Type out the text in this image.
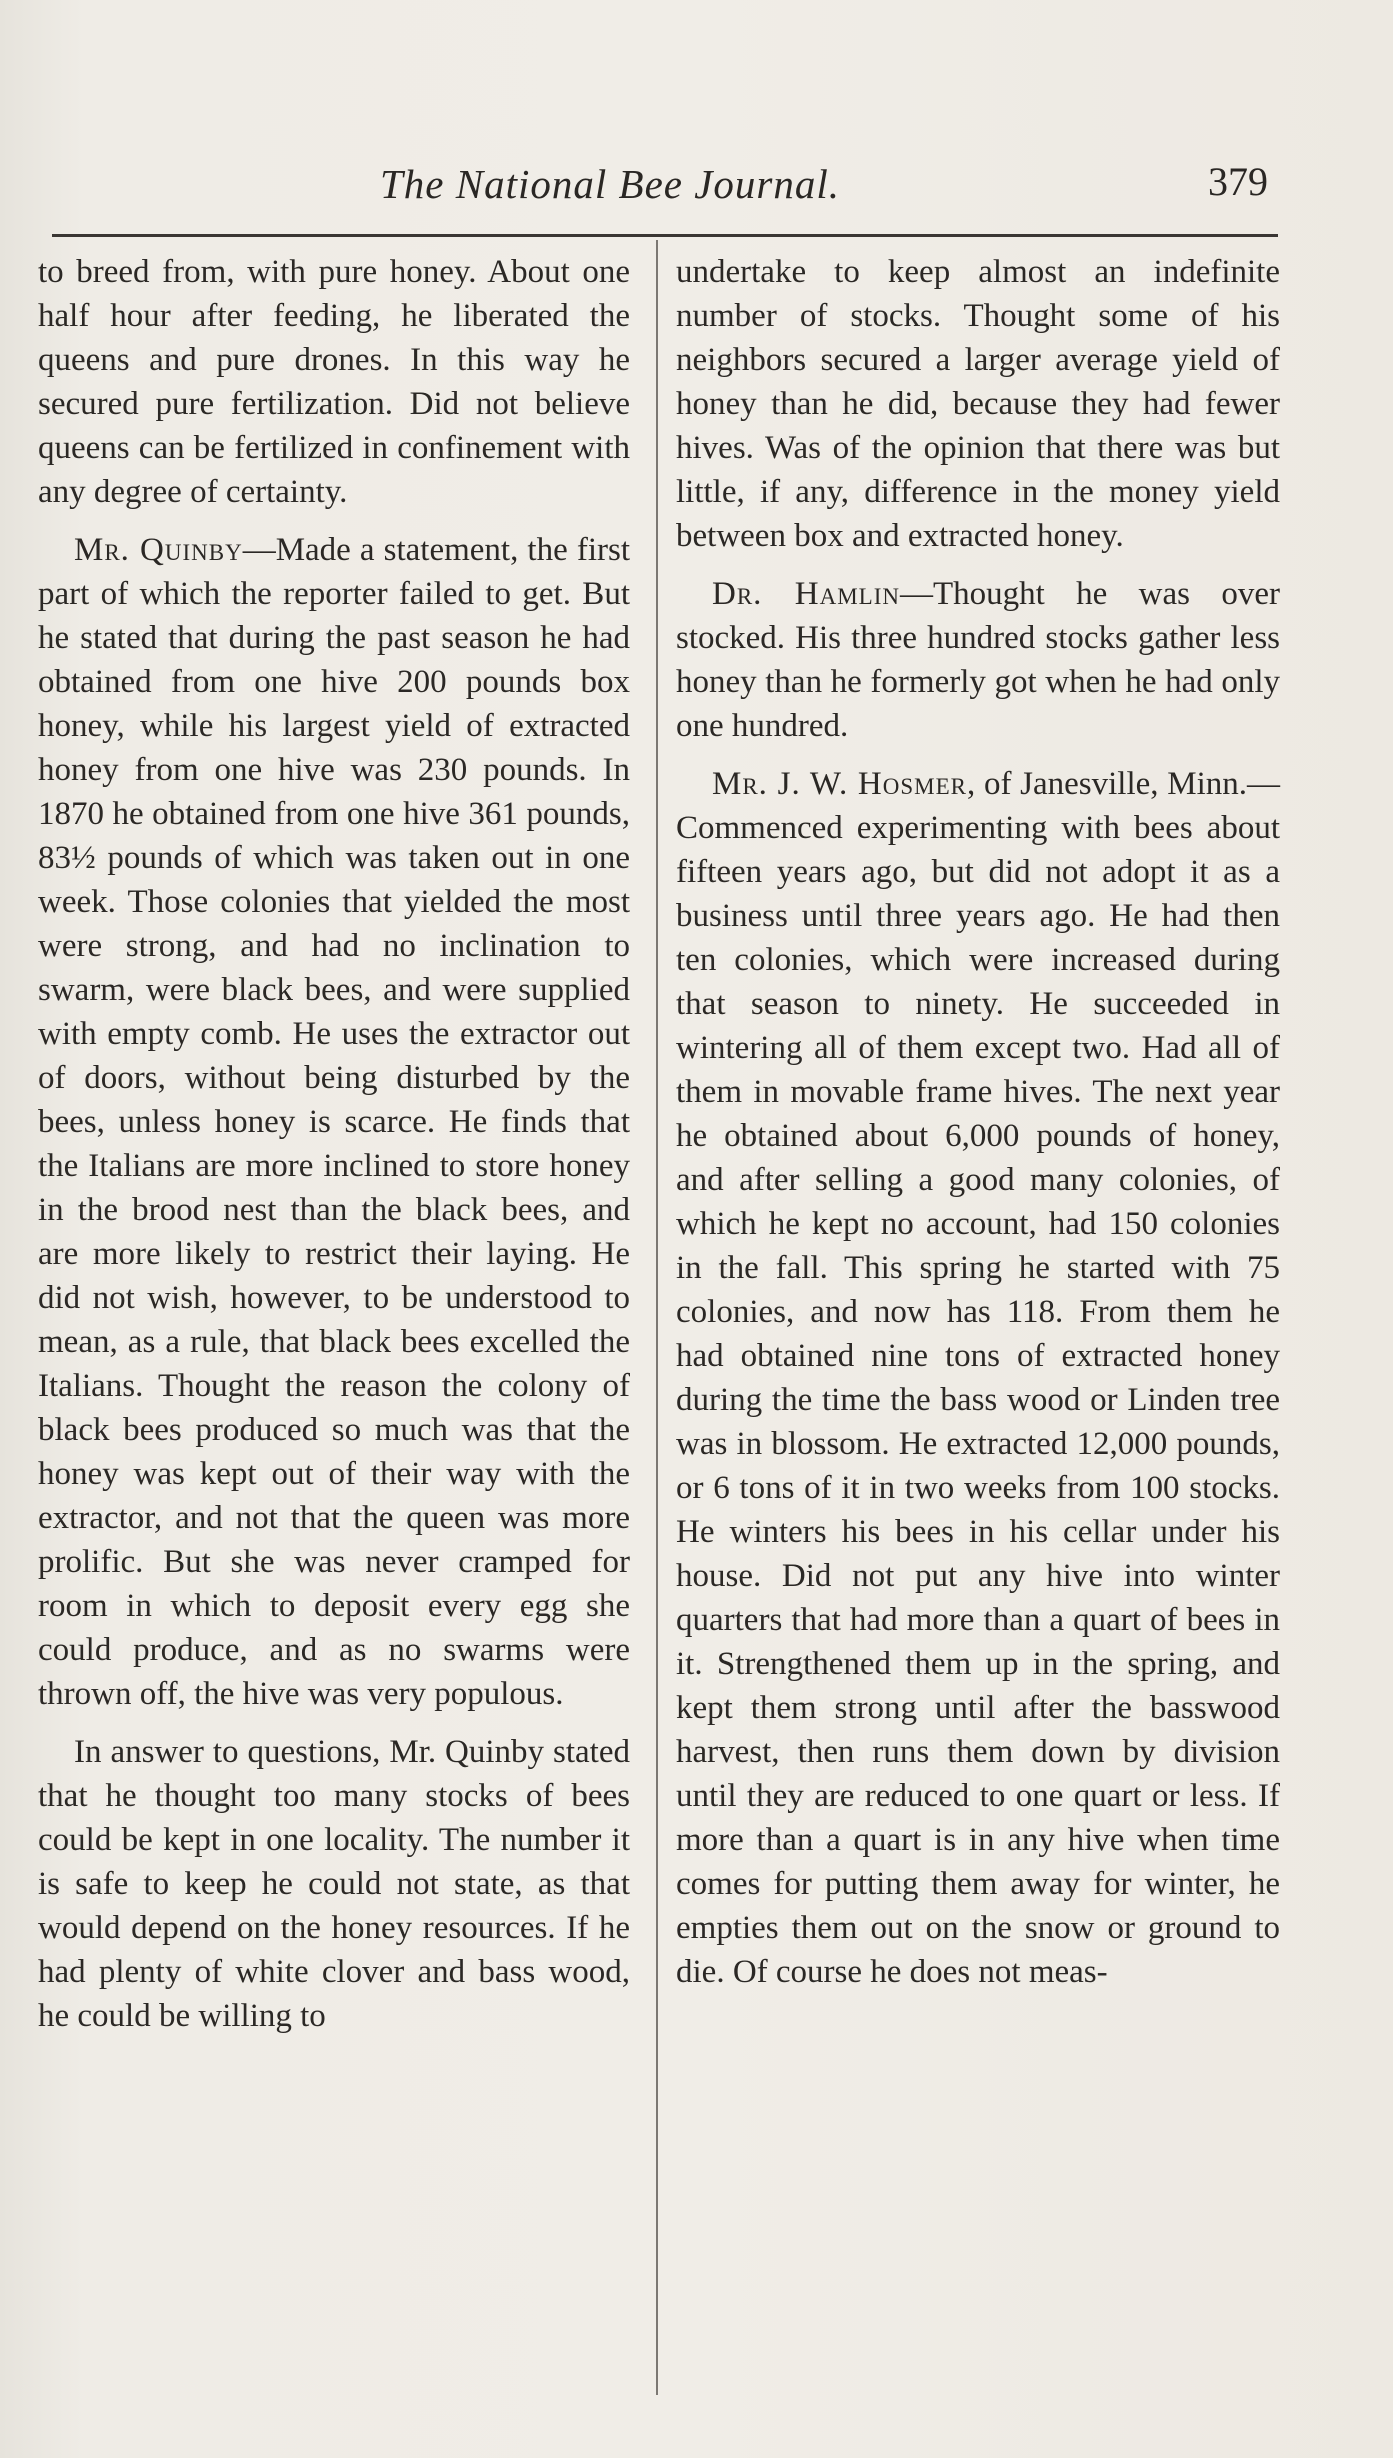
The National Bee Journal.	379

to breed from, with pure honey. About one half hour after feeding, he liberated the queens and pure drones. In this way he secured pure fertilization. Did not believe queens can be fertilized in confinement with any degree of certainty.

Mr. Quinby—Made a statement, the first part of which the reporter failed to get. But he stated that during the past season he had obtained from one hive 200 pounds box honey, while his largest yield of extracted honey from one hive was 230 pounds. In 1870 he obtained from one hive 361 pounds, 83½ pounds of which was taken out in one week. Those colonies that yielded the most were strong, and had no inclination to swarm, were black bees, and were supplied with empty comb. He uses the extractor out of doors, without being disturbed by the bees, unless honey is scarce. He finds that the Italians are more inclined to store honey in the brood nest than the black bees, and are more likely to restrict their laying. He did not wish, however, to be understood to mean, as a rule, that black bees excelled the Italians. Thought the reason the colony of black bees produced so much was that the honey was kept out of their way with the extractor, and not that the queen was more prolific. But she was never cramped for room in which to deposit every egg she could produce, and as no swarms were thrown off, the hive was very populous.

In answer to questions, Mr. Quinby stated that he thought too many stocks of bees could be kept in one locality. The number it is safe to keep he could not state, as that would depend on the honey resources. If he had plenty of white clover and bass wood, he could be willing to

undertake to keep almost an indefinite number of stocks. Thought some of his neighbors secured a larger average yield of honey than he did, because they had fewer hives. Was of the opinion that there was but little, if any, difference in the money yield between box and extracted honey.

Dr. Hamlin—Thought he was over stocked. His three hundred stocks gather less honey than he formerly got when he had only one hundred.

Mr. J. W. Hosmer, of Janesville, Minn.—Commenced experimenting with bees about fifteen years ago, but did not adopt it as a business until three years ago. He had then ten colonies, which were increased during that season to ninety. He succeeded in wintering all of them except two. Had all of them in movable frame hives. The next year he obtained about 6,000 pounds of honey, and after selling a good many colonies, of which he kept no account, had 150 colonies in the fall. This spring he started with 75 colonies, and now has 118. From them he had obtained nine tons of extracted honey during the time the bass wood or Linden tree was in blossom. He extracted 12,000 pounds, or 6 tons of it in two weeks from 100 stocks. He winters his bees in his cellar under his house. Did not put any hive into winter quarters that had more than a quart of bees in it. Strengthened them up in the spring, and kept them strong until after the basswood harvest, then runs them down by division until they are reduced to one quart or less. If more than a quart is in any hive when time comes for putting them away for winter, he empties them out on the snow or ground to die. Of course he does not meas-
